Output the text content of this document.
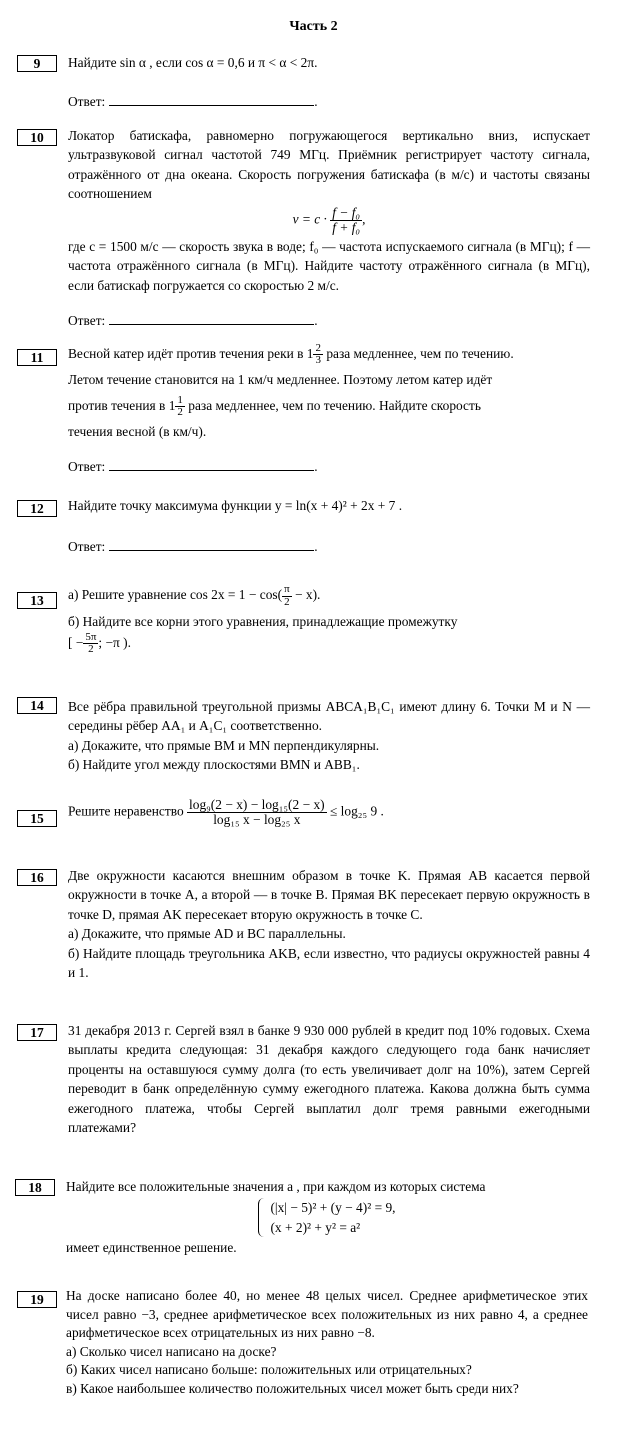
Часть 2
9	Найдите sin α , если cos α = 0,6 и π < α < 2π.
Ответ:	.
10	Локатор батискафа, равномерно погружающегося вертикально вниз, испускает ультразвуковой сигнал частотой 749 МГц. Приёмник регистрирует частоту сигнала, отражённого от дна океана. Скорость погружения батискафа (в м/с) и частоты связаны соотношением

$v = c \cdot \frac{\text{f − f₀}}{\text{f + f₀}}$ ,

где c = 1500 м/с — скорость звука в воде; f₀ — частота испускаемого сигнала (в МГц); f — частота отражённого сигнала (в МГц). Найдите частоту отражённого сигнала (в МГц), если батискаф погружается со скоростью 2 м/с.

Ответ:	.
11	Весной катер идёт против течения реки в $1 \frac{2}{3}$ раза медленнее, чем по течению.
Летом течение становится на 1 км/ч медленнее. Поэтому летом катер идёт
против течения в $1 \frac{1}{2}$ раза медленнее, чем по течению. Найдите скорость
течения весной (в км/ч).
Ответ:	.
12	Найдите точку максимума функции y = ln(x + 4)² + 2x + 7 .
Ответ:	.
13	а) Решите уравнение $\cos 2x = 1 - \cos( \frac{\pi}{2} - x)$.

б) Найдите все корни этого уравнения, принадлежащие промежутку

[ − $\frac{5\pi}{2}$ ; −π ).
14	Все рёбра правильной треугольной призмы ABCA₁B₁C₁ имеют длину 6. Точки M и N — середины рёбер AA₁ и A₁C₁ соответственно.

а) Докажите, что прямые BM и MN перпендикулярны.

б) Найдите угол между плоскостями BMN и ABB₁.

15	Решите неравенство $\frac{\text{log₉(2 − x) − log₁₅(2 − x)}}{\text{log₁₅ x − log₂₅ x}} \le \log_{25}$ 9 .
16	Две окружности касаются внешним образом в точке K. Прямая AB касается первой окружности в точке A, а второй — в точке B. Прямая BK пересекает первую окружность в точке D, прямая AK пересекает вторую окружность в точке C.

а) Докажите, что прямые AD и BC параллельны.

б) Найдите площадь треугольника AKB, если известно, что радиусы окружностей равны 4 и 1.

17	31 декабря 2013 г. Сергей взял в банке 9 930 000 рублей в кредит под 10% годовых. Схема выплаты кредита следующая: 31 декабря каждого следующего года банк начисляет проценты на оставшуюся сумму долга (то есть увеличивает долг на 10%), затем Сергей переводит в банк определённую сумму ежегодного платежа. Какова должна быть сумма ежегодного платежа, чтобы Сергей выплатил долг тремя равными ежегодными платежами?
18	Найдите все положительные значения a , при каждом из которых система

(|x| − 5)² + (y − 4)² = 9,
(x + 2)² + y² = a²

имеет единственное решение.

19	На доске написано более 40, но менее 48 целых чисел. Среднее арифметическое этих чисел равно −3, среднее арифметическое всех положительных из них равно 4, а среднее арифметическое всех отрицательных из них равно −8.

а) Сколько чисел написано на доске?

б) Каких чисел написано больше: положительных или отрицательных?

в) Какое наибольшее количество положительных чисел может быть среди них?
